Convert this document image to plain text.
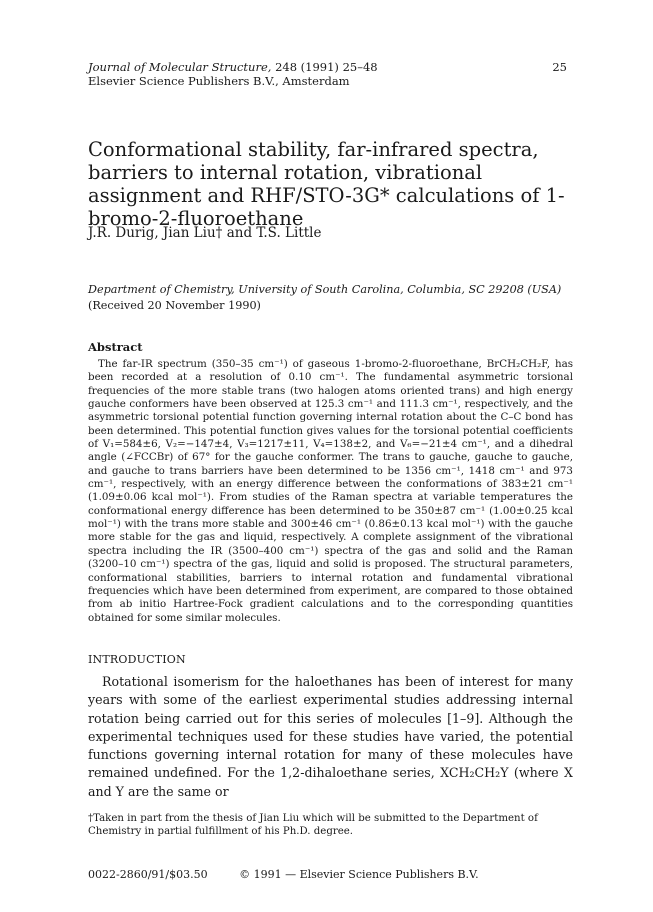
Journal of Molecular Structure, 248 (1991) 25–48
Elsevier Science Publishers B.V., Amsterdam
25
Conformational stability, far-infrared spectra, barriers to internal rotation, vibrational assignment and RHF/STO-3G* calculations of 1-bromo-2-fluoroethane
J.R. Durig, Jian Liu† and T.S. Little
Department of Chemistry, University of South Carolina, Columbia, SC 29208 (USA)
(Received 20 November 1990)
Abstract

The far-IR spectrum (350–35 cm⁻¹) of gaseous 1-bromo-2-fluoroethane, BrCH₂CH₂F, has been recorded at a resolution of 0.10 cm⁻¹. The fundamental asymmetric torsional frequencies of the more stable trans (two halogen atoms oriented trans) and high energy gauche conformers have been observed at 125.3 cm⁻¹ and 111.3 cm⁻¹, respectively, and the asymmetric torsional potential function governing internal rotation about the C–C bond has been determined. This potential function gives values for the torsional potential coefficients of V₁=584±6, V₂=−147±4, V₃=1217±11, V₄=138±2, and V₆=−21±4 cm⁻¹, and a dihedral angle (∠FCCBr) of 67° for the gauche conformer. The trans to gauche, gauche to gauche, and gauche to trans barriers have been determined to be 1356 cm⁻¹, 1418 cm⁻¹ and 973 cm⁻¹, respectively, with an energy difference between the conformations of 383±21 cm⁻¹ (1.09±0.06 kcal mol⁻¹). From studies of the Raman spectra at variable temperatures the conformational energy difference has been determined to be 350±87 cm⁻¹ (1.00±0.25 kcal mol⁻¹) with the trans more stable and 300±46 cm⁻¹ (0.86±0.13 kcal mol⁻¹) with the gauche more stable for the gas and liquid, respectively. A complete assignment of the vibrational spectra including the IR (3500–400 cm⁻¹) spectra of the gas and solid and the Raman (3200–10 cm⁻¹) spectra of the gas, liquid and solid is proposed. The structural parameters, conformational stabilities, barriers to internal rotation and fundamental vibrational frequencies which have been determined from experiment, are compared to those obtained from ab initio Hartree-Fock gradient calculations and to the corresponding quantities obtained for some similar molecules.

INTRODUCTION

Rotational isomerism for the haloethanes has been of interest for many years with some of the earliest experimental studies addressing internal rotation being carried out for this series of molecules [1–9]. Although the experimental techniques used for these studies have varied, the potential functions governing internal rotation for many of these molecules have remained undefined. For the 1,2-dihaloethane series, XCH₂CH₂Y (where X and Y are the same or

†Taken in part from the thesis of Jian Liu which will be submitted to the Department of Chemistry in partial fulfillment of his Ph.D. degree.

0022-2860/91/$03.50	© 1991 — Elsevier Science Publishers B.V.
